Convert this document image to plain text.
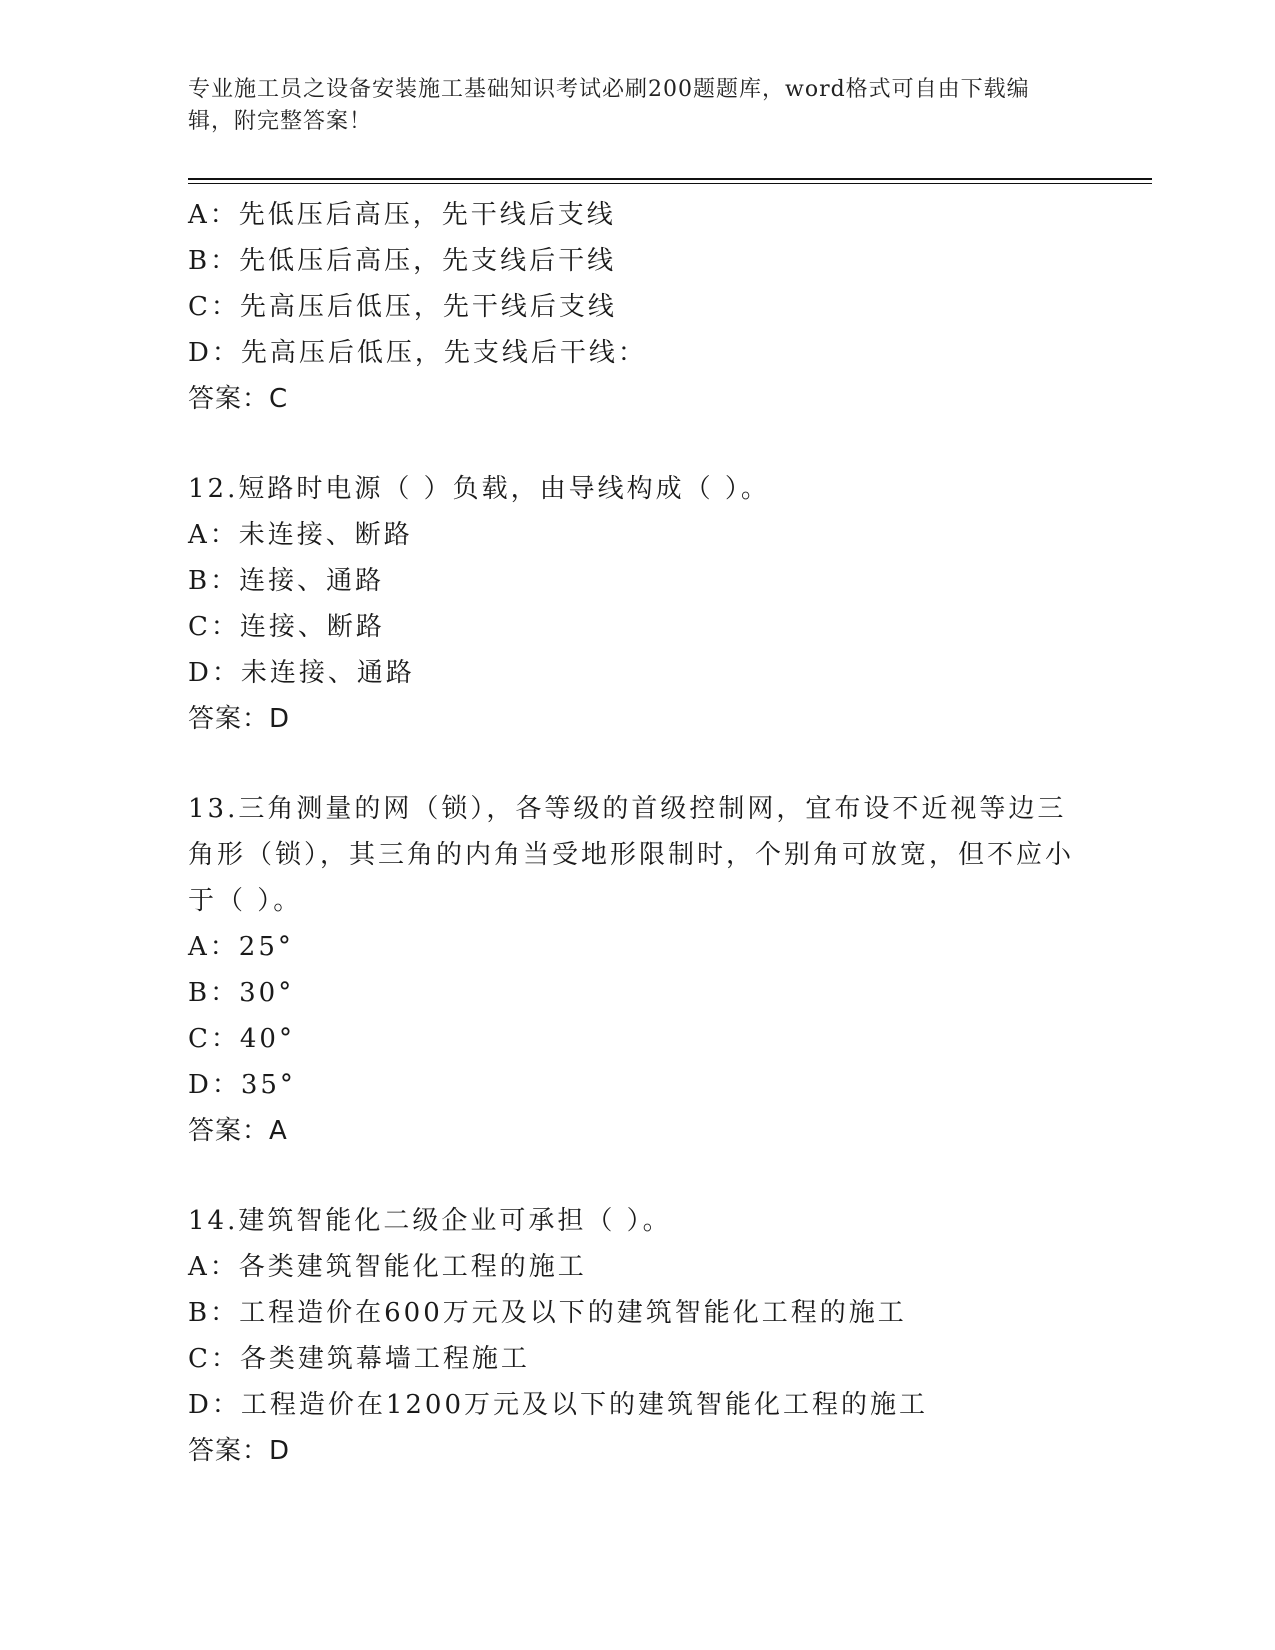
专业施工员之设备安装施工基础知识考试必刷200题题库，word格式可自由下载编辑，附完整答案！
A：先低压后高压，先干线后支线
B：先低压后高压，先支线后干线
C：先高压后低压，先干线后支线
D：先高压后低压，先支线后干线：
答案：C
12.短路时电源（ ）负载，由导线构成（ ）。
A：未连接、断路
B：连接、通路
C：连接、断路
D：未连接、通路
答案：D
13.三角测量的网（锁），各等级的首级控制网，宜布设不近视等边三角形（锁），其三角的内角当受地形限制时，个别角可放宽，但不应小于（ ）。
A：25°
B：30°
C：40°
D：35°
答案：A
14.建筑智能化二级企业可承担（ ）。
A：各类建筑智能化工程的施工
B：工程造价在600万元及以下的建筑智能化工程的施工
C：各类建筑幕墙工程施工
D：工程造价在1200万元及以下的建筑智能化工程的施工
答案：D
